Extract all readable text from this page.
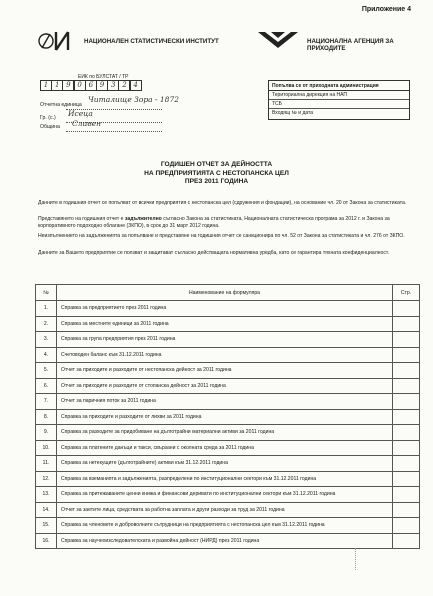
Приложение 4
НАЦИОНАЛЕН СТАТИСТИЧЕСКИ ИНСТИТУТ	НАЦИОНАЛНА АГЕНЦИЯ ЗА ПРИХОДИТЕ
ЕИК по БУЛСТАТ / ТР
1 1 9 0 6 9 3 2 4
Отчетна единица
Читалище Зора - 1872
Гр. (с.) Исеца
Община Сливен
Попълва се от приходната администрация
Териториална дирекция на НАП
ТСБ
Входящ № и дата
ГОДИШЕН ОТЧЕТ ЗА ДЕЙНОСТТА
НА ПРЕДПРИЯТИЯТА С НЕСТОПАНСКА ЦЕЛ
ПРЕЗ 2011 ГОДИНА
Данните в годишния отчет се попълват от всички предприятия с нестопанска цел (сдружения и фондации), на основание чл. 20 от Закона за статистиката.
Представянето на годишния отчет е задължително съгласно Закона за статистиката, Националната статистическа програма за 2012 г. и Закона за корпоративното подоходно облагане (ЗКПО), в срок до 31 март 2012 година.
Неизпълнението на задълженията за попълване и представяне на годишния отчет се санкционира по чл. 52 от Закона за статистиката и чл. 276 от ЗКПО.
Данните за Вашето предприятие се ползват и защитават съгласно действащата нормативна уредба, като се гарантира тяхната конфиденциалност.
№	Наименование на формуляра	Стр.
1.	Справка за предприятието през 2011 година	
2.	Справка за местните единици за 2011 година	
3.	Справка за група предприятия през 2011 година	
4.	Счетоводен баланс към 31.12.2011 година	
5.	Отчет за приходите и разходите от нестопанска дейност за 2011 година	
6.	Отчет за приходите и разходите от стопанска дейност за 2011 година	
7.	Отчет за паричния поток за 2011 година	
8.	Справка за приходите и разходите от лихви за 2011 година	
9.	Справка за разходите за придобиване на дълготрайни материални активи за 2011 година	
10.	Справка за платените данъци и такси, свързани с околната среда за 2011 година	
11.	Справка за нетекущите (дълготрайните) активи към 31.12.2011 година	
12.	Справка за вземанията и задълженията, разпределени по институционални сектори към 31.12.2011 година	
13.	Справка за притежаваните ценни книжа и финансови деривати по институционални сектори към 31.12.2011 година	
14.	Отчет за заетите лица, средствата за работна заплата и други разходи за труд за 2011 година	
15.	Справка за членовете и доброволните сътрудници на предприятията с нестопанска цел към 31.12.2011 година	
16.	Справка за научноизследователската и развойна дейност (НИРД) през 2011 година	
